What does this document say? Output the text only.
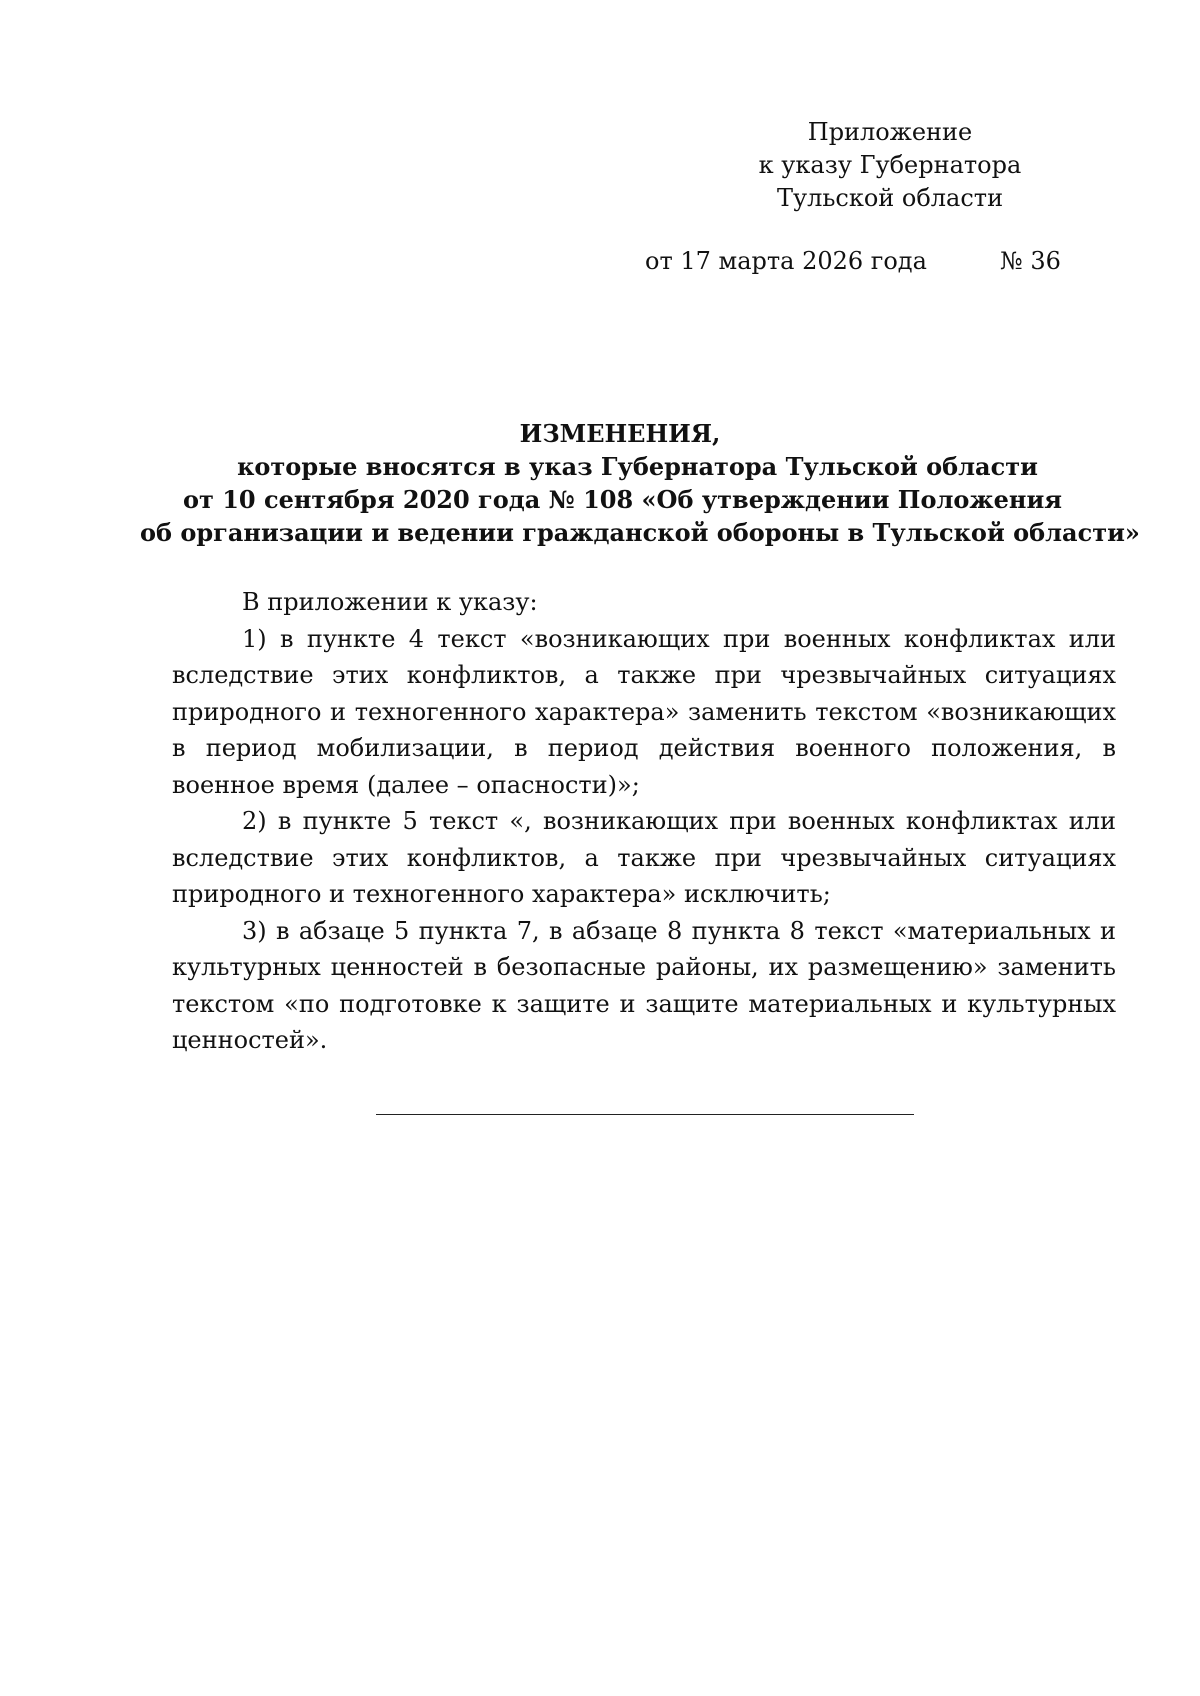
Приложение
к указу Губернатора
Тульской области
от 17 марта 2026 года	№ 36
ИЗМЕНЕНИЯ,
которые вносятся в указ Губернатора Тульской области
от 10 сентября 2020 года № 108 «Об утверждении Положения
об организации и ведении гражданской обороны в Тульской области»

В приложении к указу:

1) в пункте 4 текст «возникающих при военных конфликтах или вследствие этих конфликтов, а также при чрезвычайных ситуациях природного и техногенного характера» заменить текстом «возникающих в период мобилизации, в период действия военного положения, в военное время (далее – опасности)»;

2) в пункте 5 текст «, возникающих при военных конфликтах или вследствие этих конфликтов, а также при чрезвычайных ситуациях природного и техногенного характера» исключить;

3) в абзаце 5 пункта 7, в абзаце 8 пункта 8 текст «материальных и культурных ценностей в безопасные районы, их размещению» заменить текстом «по подготовке к защите и защите материальных и культурных ценностей».
